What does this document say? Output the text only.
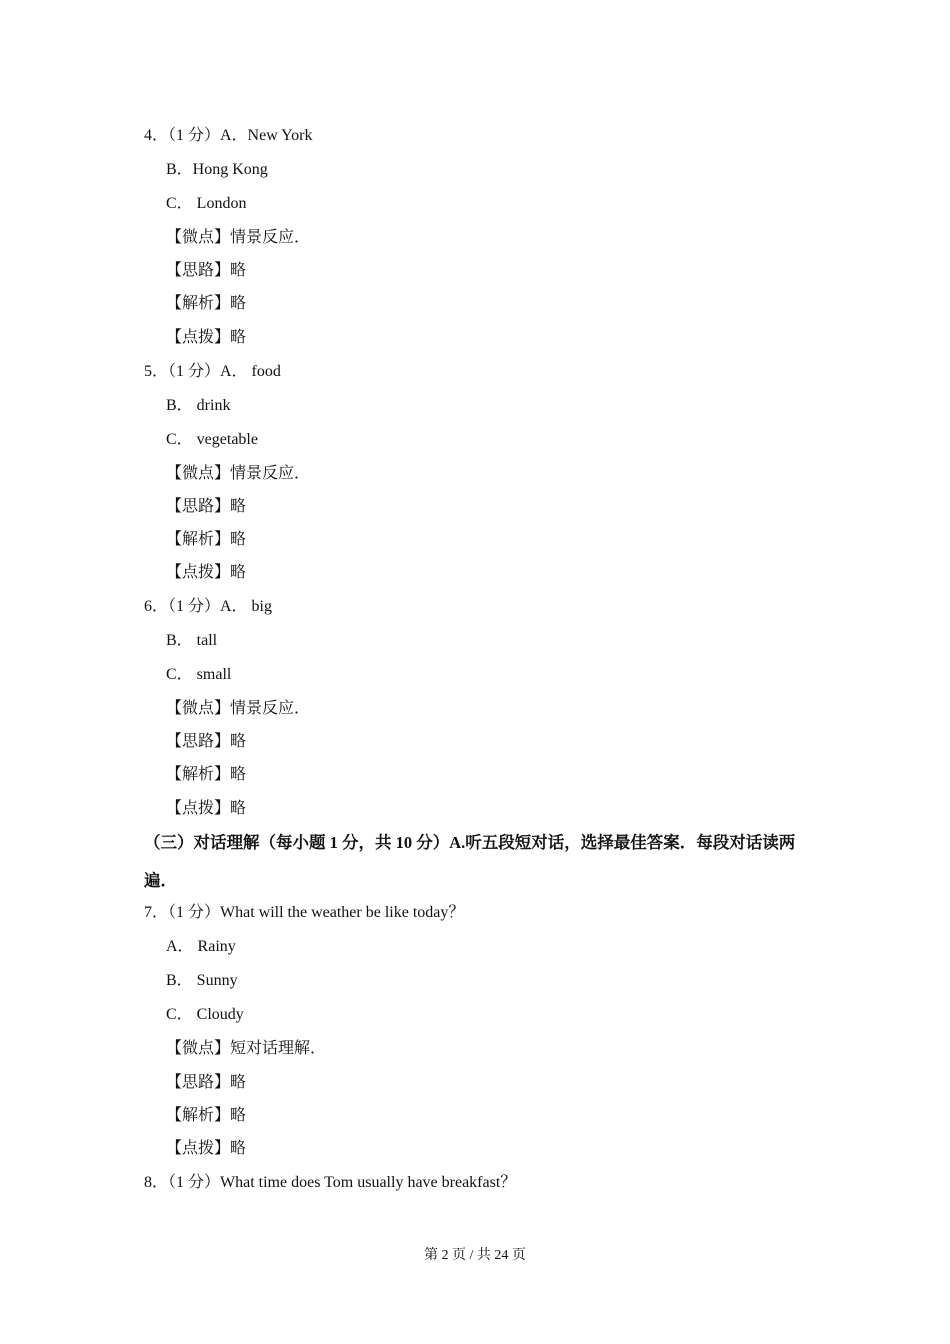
4．（1 分）A．New York
B．Hong Kong
C． London
【微点】情景反应．
【思路】略
【解析】略
【点拨】略
5．（1 分）A． food
B． drink
C． vegetable
【微点】情景反应．
【思路】略
【解析】略
【点拨】略
6．（1 分）A． big
B． tall
C． small
【微点】情景反应．
【思路】略
【解析】略
【点拨】略
（三）对话理解（每小题 1 分，共 10 分）A.听五段短对话，选择最佳答案．每段对话读两
遍．
7．（1 分）What will the weather be like today？
A． Rainy
B． Sunny
C． Cloudy
【微点】短对话理解．
【思路】略
【解析】略
【点拨】略
8．（1 分）What time does Tom usually have breakfast？
第 2 页 / 共 24 页
